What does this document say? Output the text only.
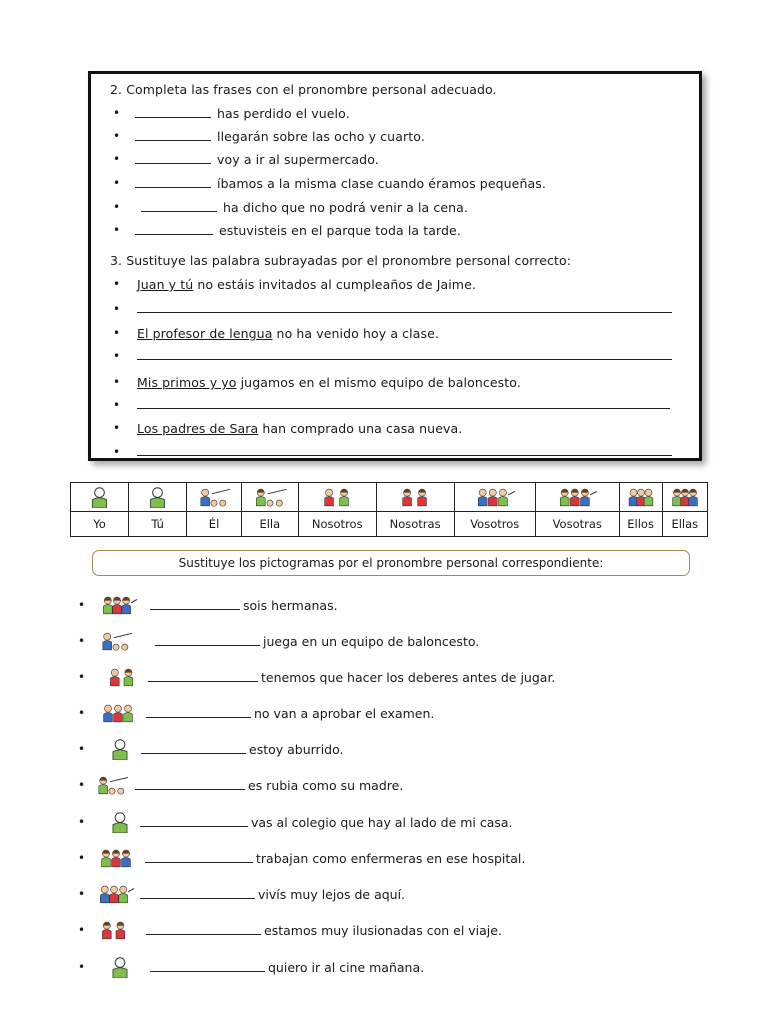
2. Completa las frases con el pronombre personal adecuado.
•	has perdido el vuelo.
•	llegarán sobre las ocho y cuarto.
•	voy a ir al supermercado.
•	íbamos a la misma clase cuando éramos pequeñas.
•	ha dicho que no podrá venir a la cena.
•	estuvisteis en el parque toda la tarde.
3. Sustituye las palabra subrayadas por el pronombre personal correcto:
• Juan y tú no estáis invitados al cumpleaños de Jaime.
•
• El profesor de lengua no ha venido hoy a clase.
•
• Mis primos y yo jugamos en el mismo equipo de baloncesto.
•
• Los padres de Sara han comprado una casa nueva.
•

Yo	Tú	Él	Ella	Nosotros	Nosotras	Vosotros	Vosotras	Ellos	Ellas
Sustituye los pictogramas por el pronombre personal correspondiente:
•	sois hermanas.
•	juega en un equipo de baloncesto.
•	tenemos que hacer los deberes antes de jugar.
•	no van a aprobar el examen.
•	estoy aburrido.
•	es rubia como su madre.
•	vas al colegio que hay al lado de mi casa.
•	trabajan como enfermeras en ese hospital.
•	vivís muy lejos de aquí.
•	estamos muy ilusionadas con el viaje.
•	quiero ir al cine mañana.
